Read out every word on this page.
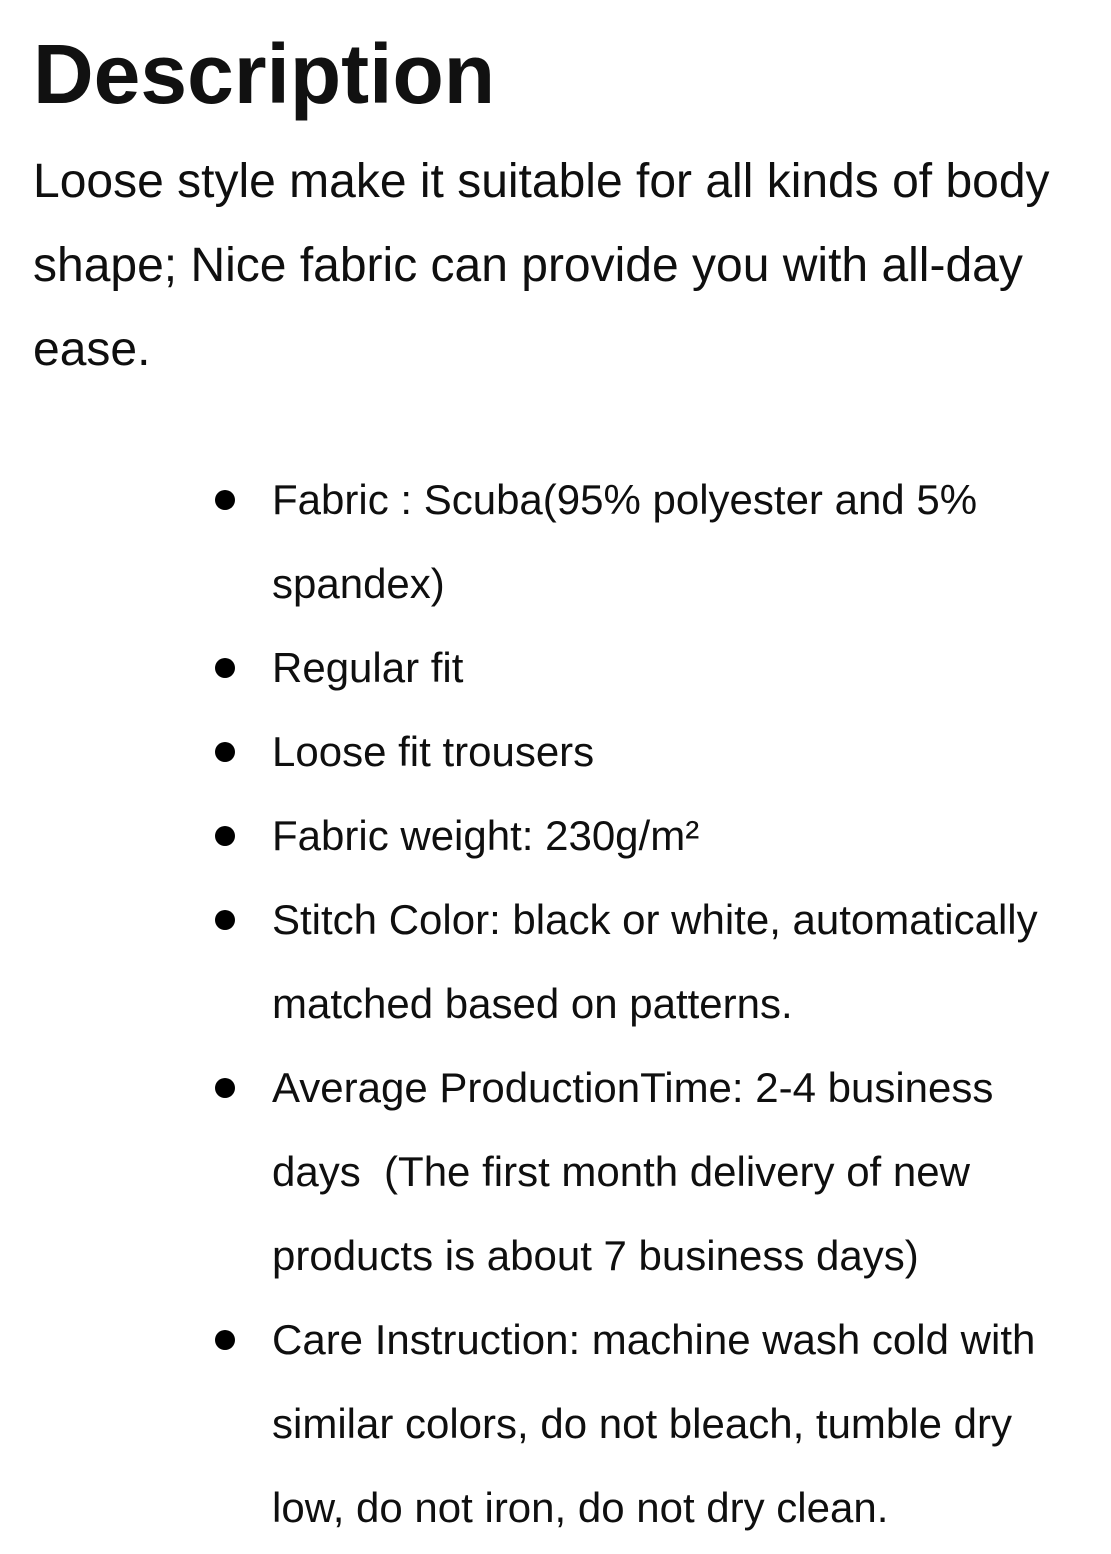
Description

Loose style make it suitable for all kinds of body shape; Nice fabric can provide you with all-day ease.

Fabric : Scuba(95% polyester and 5% spandex)
Regular fit
Loose fit trousers
Fabric weight: 230g/m²
Stitch Color: black or white, automatically matched based on patterns.
Average ProductionTime: 2-4 business days  (The first month delivery of new products is about 7 business days)
Care Instruction: machine wash cold with similar colors, do not bleach, tumble dry low, do not iron, do not dry clean.
